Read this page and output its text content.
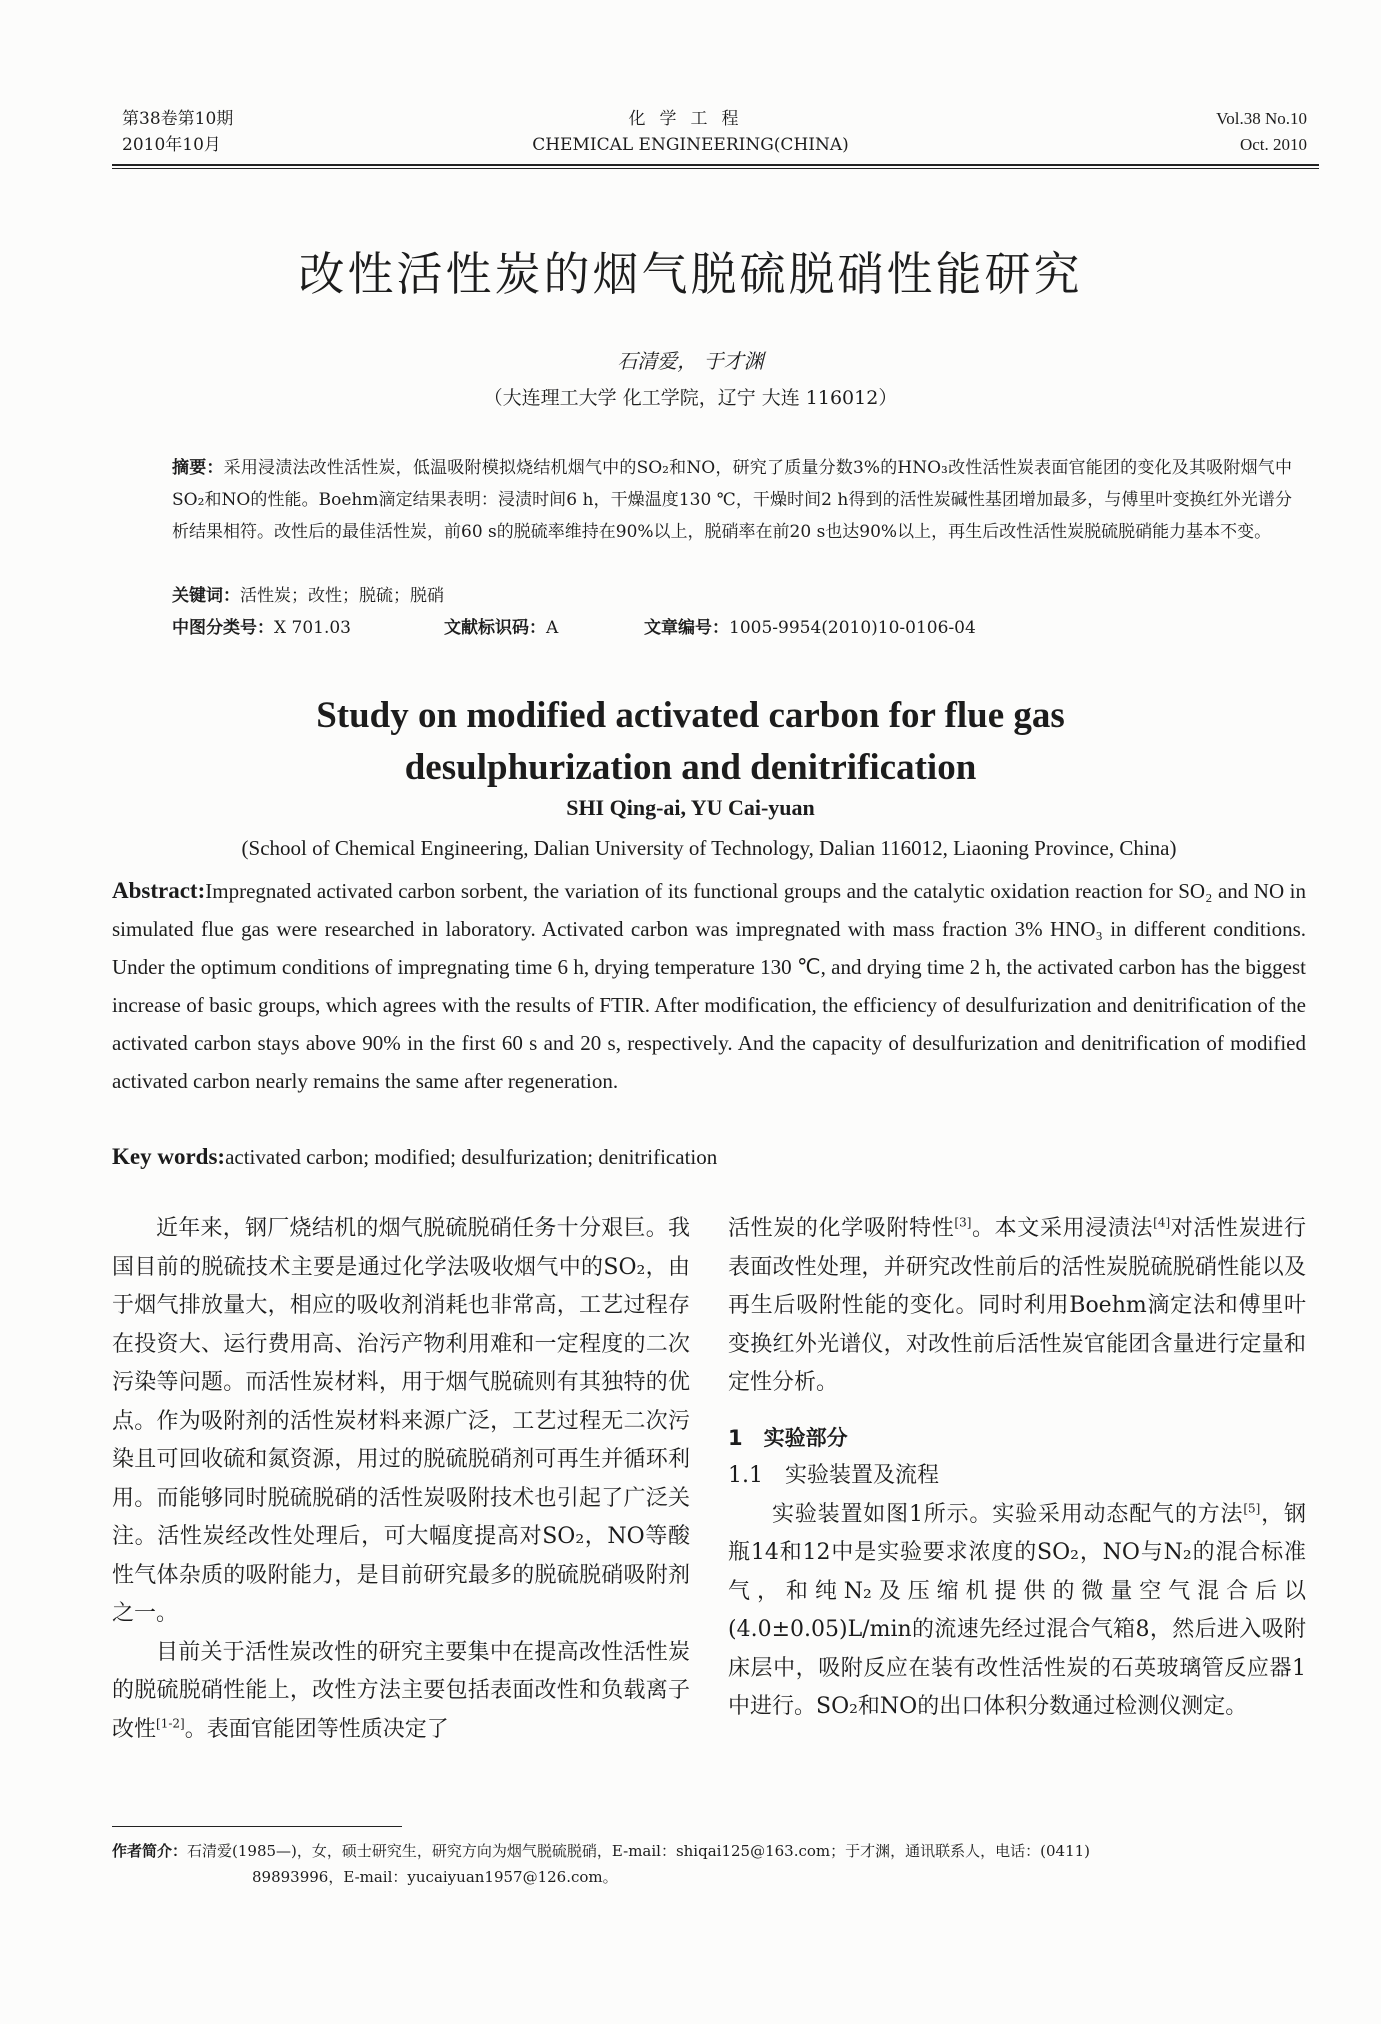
第38卷第10期
2010年10月
化学工程
CHEMICAL ENGINEERING(CHINA)
Vol.38 No.10
Oct. 2010
改性活性炭的烟气脱硫脱硝性能研究
石清爱， 于才渊
（大连理工大学 化工学院，辽宁 大连 116012）
摘要：采用浸渍法改性活性炭，低温吸附模拟烧结机烟气中的SO₂和NO，研究了质量分数3%的HNO₃改性活性炭表面官能团的变化及其吸附烟气中SO₂和NO的性能。Boehm滴定结果表明：浸渍时间6 h，干燥温度130 ℃，干燥时间2 h得到的活性炭碱性基团增加最多，与傅里叶变换红外光谱分析结果相符。改性后的最佳活性炭，前60 s的脱硫率维持在90%以上，脱硝率在前20 s也达90%以上，再生后改性活性炭脱硫脱硝能力基本不变。
关键词：活性炭；改性；脱硫；脱硝
中图分类号：X 701.03	文献标识码：A	文章编号：1005-9954(2010)10-0106-04
Study on modified activated carbon for flue gas
desulphurization and denitrification
SHI Qing-ai, YU Cai-yuan
(School of Chemical Engineering, Dalian University of Technology, Dalian 116012, Liaoning Province, China)
Abstract:Impregnated activated carbon sorbent, the variation of its functional groups and the catalytic oxidation reaction for SO₂ and NO in simulated flue gas were researched in laboratory. Activated carbon was impregnated with mass fraction 3% HNO₃ in different conditions. Under the optimum conditions of impregnating time 6 h, drying temperature 130 ℃, and drying time 2 h, the activated carbon has the biggest increase of basic groups, which agrees with the results of FTIR. After modification, the efficiency of desulfurization and denitrification of the activated carbon stays above 90% in the first 60 s and 20 s, respectively. And the capacity of desulfurization and denitrification of modified activated carbon nearly remains the same after regeneration.
Key words:activated carbon; modified; desulfurization; denitrification

近年来，钢厂烧结机的烟气脱硫脱硝任务十分艰巨。我国目前的脱硫技术主要是通过化学法吸收烟气中的SO₂，由于烟气排放量大，相应的吸收剂消耗也非常高，工艺过程存在投资大、运行费用高、治污产物利用难和一定程度的二次污染等问题。而活性炭材料，用于烟气脱硫则有其独特的优点。作为吸附剂的活性炭材料来源广泛，工艺过程无二次污染且可回收硫和氮资源，用过的脱硫脱硝剂可再生并循环利用。而能够同时脱硫脱硝的活性炭吸附技术也引起了广泛关注。活性炭经改性处理后，可大幅度提高对SO₂，NO等酸性气体杂质的吸附能力，是目前研究最多的脱硫脱硝吸附剂之一。

目前关于活性炭改性的研究主要集中在提高改性活性炭的脱硫脱硝性能上，改性方法主要包括表面改性和负载离子改性[1-2]。表面官能团等性质决定了

活性炭的化学吸附特性[3]。本文采用浸渍法[4]对活性炭进行表面改性处理，并研究改性前后的活性炭脱硫脱硝性能以及再生后吸附性能的变化。同时利用Boehm滴定法和傅里叶变换红外光谱仪，对改性前后活性炭官能团含量进行定量和定性分析。

1　实验部分

1.1　实验装置及流程

实验装置如图1所示。实验采用动态配气的方法[5]，钢瓶14和12中是实验要求浓度的SO₂，NO与N₂的混合标准气，和纯N₂及压缩机提供的微量空气混合后以(4.0±0.05)L/min的流速先经过混合气箱8，然后进入吸附床层中，吸附反应在装有改性活性炭的石英玻璃管反应器1中进行。SO₂和NO的出口体积分数通过检测仪测定。

作者简介：石清爱(1985—)，女，硕士研究生，研究方向为烟气脱硫脱硝，E-mail：shiqai125@163.com；于才渊，通讯联系人，电话：(0411)
89893996，E-mail：yucaiyuan1957@126.com。
